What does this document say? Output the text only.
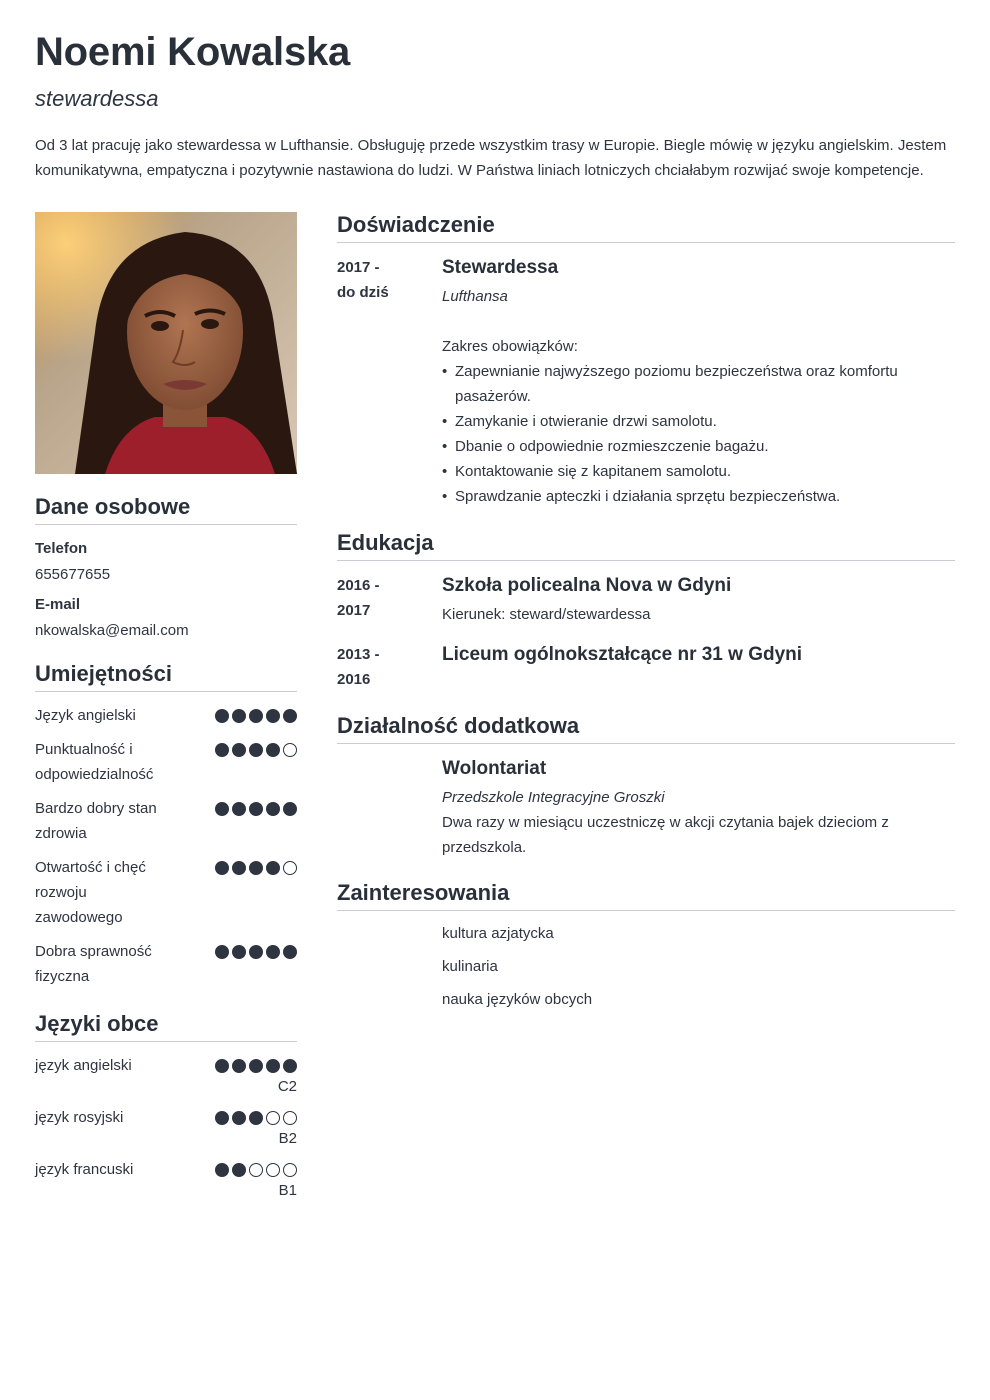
Noemi Kowalska
stewardessa
Od 3 lat pracuję jako stewardessa w Lufthansie. Obsługuję przede wszystkim trasy w Europie. Biegle mówię w języku angielskim. Jestem komunikatywna, empatyczna i pozytywnie nastawiona do ludzi. W Państwa liniach lotniczych chciałabym rozwijać swoje kompetencje.
Dane osobowe
Telefon
655677655
E-mail
nkowalska@email.com
Umiejętności
Język angielski
Punktualność i odpowiedzialność
Bardzo dobry stan zdrowia
Otwartość i chęć rozwoju zawodowego
Dobra sprawność fizyczna
Języki obce
język angielski
C2
język rosyjski
B2
język francuski
B1
Doświadczenie
2017 -
do dziś
Stewardessa
Lufthansa
Zakres obowiązków:
• Zapewnianie najwyższego poziomu bezpieczeństwa oraz komfortu pasażerów.
• Zamykanie i otwieranie drzwi samolotu.
• Dbanie o odpowiednie rozmieszczenie bagażu.
• Kontaktowanie się z kapitanem samolotu.
• Sprawdzanie apteczki i działania sprzętu bezpieczeństwa.
Edukacja
2016 -
2017
Szkoła policealna Nova w Gdyni
Kierunek: steward/stewardessa
2013 -
2016
Liceum ogólnokształcące nr 31 w Gdyni
Działalność dodatkowa
Wolontariat
Przedszkole Integracyjne Groszki
Dwa razy w miesiącu uczestniczę w akcji czytania bajek dzieciom z przedszkola.
Zainteresowania
kultura azjatycka
kulinaria
nauka języków obcych
